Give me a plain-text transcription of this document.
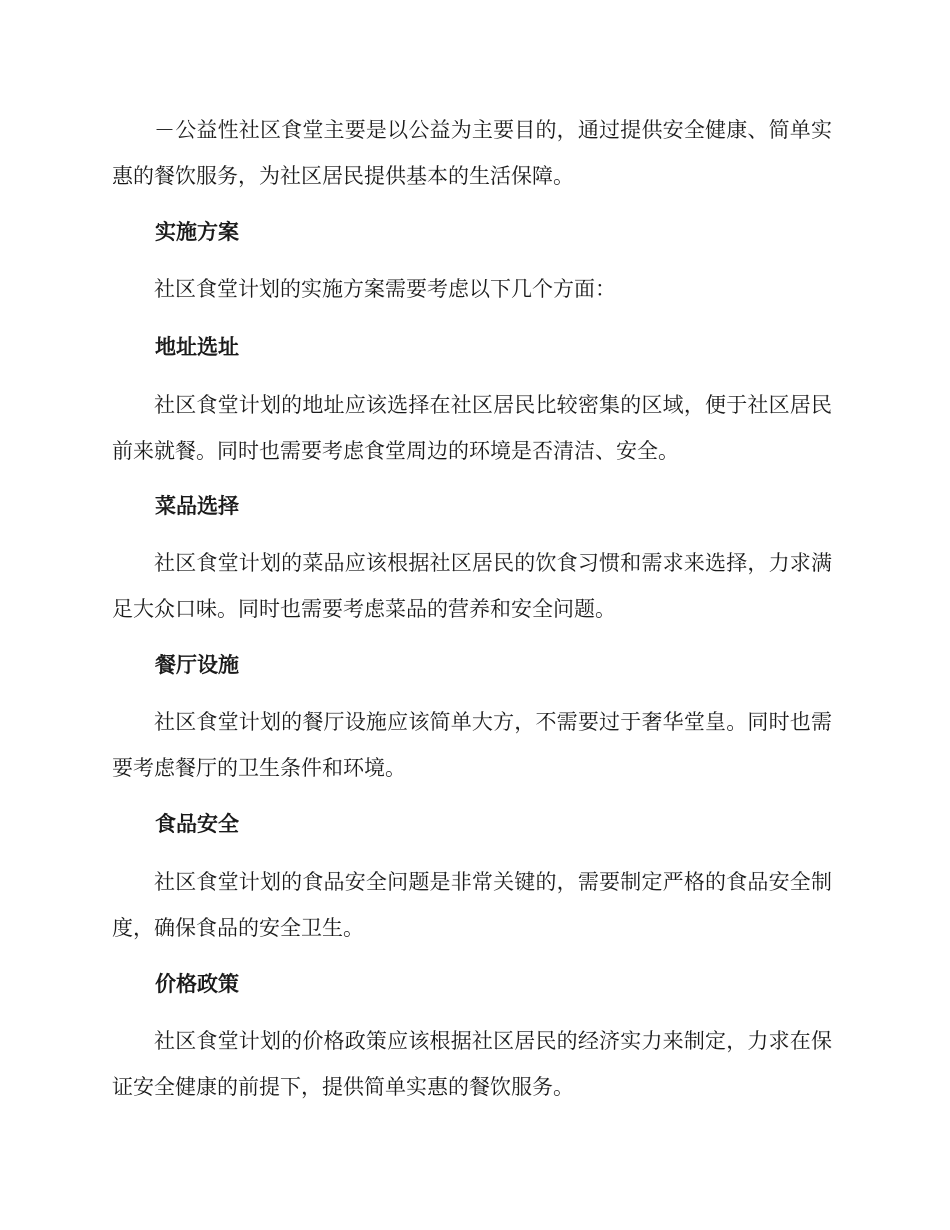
－公益性社区食堂主要是以公益为主要目的，通过提供安全健康、简单实惠的餐饮服务，为社区居民提供基本的生活保障。

实施方案

社区食堂计划的实施方案需要考虑以下几个方面：

地址选址

社区食堂计划的地址应该选择在社区居民比较密集的区域，便于社区居民前来就餐。同时也需要考虑食堂周边的环境是否清洁、安全。

菜品选择

社区食堂计划的菜品应该根据社区居民的饮食习惯和需求来选择，力求满足大众口味。同时也需要考虑菜品的营养和安全问题。

餐厅设施

社区食堂计划的餐厅设施应该简单大方，不需要过于奢华堂皇。同时也需要考虑餐厅的卫生条件和环境。

食品安全

社区食堂计划的食品安全问题是非常关键的，需要制定严格的食品安全制度，确保食品的安全卫生。

价格政策

社区食堂计划的价格政策应该根据社区居民的经济实力来制定，力求在保证安全健康的前提下，提供简单实惠的餐饮服务。
